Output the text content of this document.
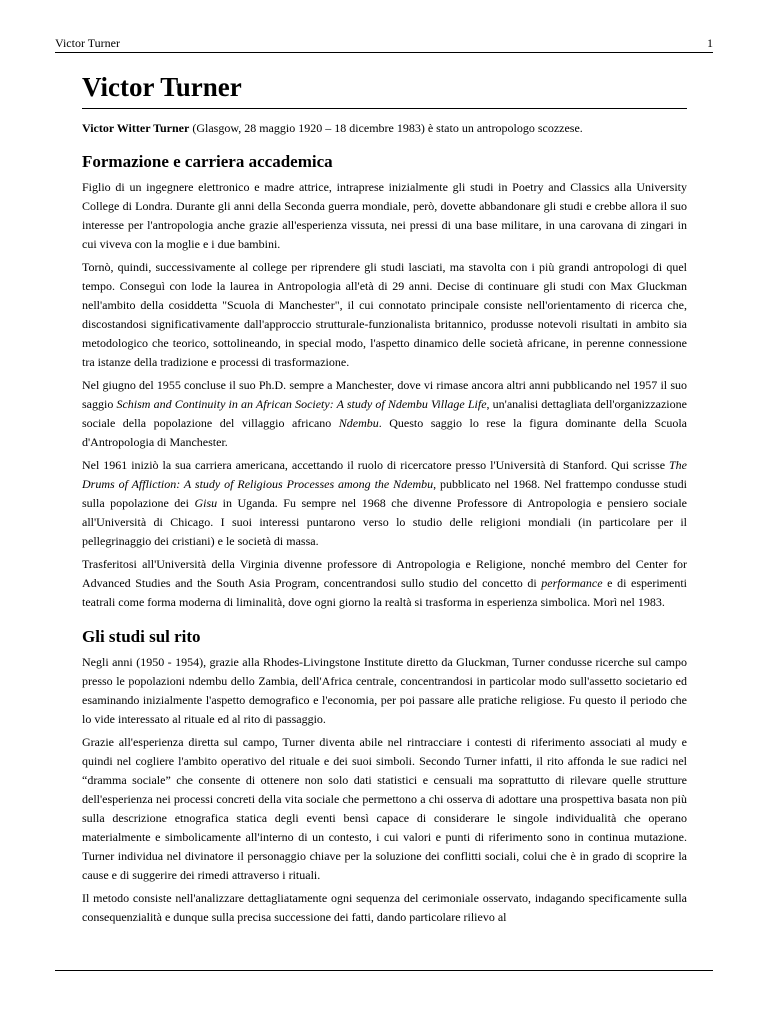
Victor Turner	1
Victor Turner

Victor Witter Turner (Glasgow, 28 maggio 1920 – 18 dicembre 1983) è stato un antropologo scozzese.

Formazione e carriera accademica

Figlio di un ingegnere elettronico e madre attrice, intraprese inizialmente gli studi in Poetry and Classics alla University College di Londra. Durante gli anni della Seconda guerra mondiale, però, dovette abbandonare gli studi e crebbe allora il suo interesse per l'antropologia anche grazie all'esperienza vissuta, nei pressi di una base militare, in una carovana di zingari in cui viveva con la moglie e i due bambini.

Tornò, quindi, successivamente al college per riprendere gli studi lasciati, ma stavolta con i più grandi antropologi di quel tempo. Conseguì con lode la laurea in Antropologia all'età di 29 anni. Decise di continuare gli studi con Max Gluckman nell'ambito della cosiddetta "Scuola di Manchester", il cui connotato principale consiste nell'orientamento di ricerca che, discostandosi significativamente dall'approccio strutturale-funzionalista britannico, produsse notevoli risultati in ambito sia metodologico che teorico, sottolineando, in special modo, l'aspetto dinamico delle società africane, in perenne connessione tra istanze della tradizione e processi di trasformazione.

Nel giugno del 1955 concluse il suo Ph.D. sempre a Manchester, dove vi rimase ancora altri anni pubblicando nel 1957 il suo saggio Schism and Continuity in an African Society: A study of Ndembu Village Life, un'analisi dettagliata dell'organizzazione sociale della popolazione del villaggio africano Ndembu. Questo saggio lo rese la figura dominante della Scuola d'Antropologia di Manchester.

Nel 1961 iniziò la sua carriera americana, accettando il ruolo di ricercatore presso l'Università di Stanford. Qui scrisse The Drums of Affliction: A study of Religious Processes among the Ndembu, pubblicato nel 1968. Nel frattempo condusse studi sulla popolazione dei Gisu in Uganda. Fu sempre nel 1968 che divenne Professore di Antropologia e pensiero sociale all'Università di Chicago. I suoi interessi puntarono verso lo studio delle religioni mondiali (in particolare per il pellegrinaggio dei cristiani) e le società di massa.

Trasferitosi all'Università della Virginia divenne professore di Antropologia e Religione, nonché membro del Center for Advanced Studies and the South Asia Program, concentrandosi sullo studio del concetto di performance e di esperimenti teatrali come forma moderna di liminalità, dove ogni giorno la realtà si trasforma in esperienza simbolica. Morì nel 1983.

Gli studi sul rito

Negli anni (1950 - 1954), grazie alla Rhodes-Livingstone Institute diretto da Gluckman, Turner condusse ricerche sul campo presso le popolazioni ndembu dello Zambia, dell'Africa centrale, concentrandosi in particolar modo sull'assetto societario ed esaminando inizialmente l'aspetto demografico e l'economia, per poi passare alle pratiche religiose. Fu questo il periodo che lo vide interessato al rituale ed al rito di passaggio.

Grazie all'esperienza diretta sul campo, Turner diventa abile nel rintracciare i contesti di riferimento associati al mudy e quindi nel cogliere l'ambito operativo del rituale e dei suoi simboli. Secondo Turner infatti, il rito affonda le sue radici nel “dramma sociale” che consente di ottenere non solo dati statistici e censuali ma soprattutto di rilevare quelle strutture dell'esperienza nei processi concreti della vita sociale che permettono a chi osserva di adottare una prospettiva basata non più sulla descrizione etnografica statica degli eventi bensì capace di considerare le singole individualità che operano materialmente e simbolicamente all'interno di un contesto, i cui valori e punti di riferimento sono in continua mutazione. Turner individua nel divinatore il personaggio chiave per la soluzione dei conflitti sociali, colui che è in grado di scoprire la cause e di suggerire dei rimedi attraverso i rituali.

Il metodo consiste nell'analizzare dettagliatamente ogni sequenza del cerimoniale osservato, indagando specificamente sulla consequenzialità e dunque sulla precisa successione dei fatti, dando particolare rilievo al
